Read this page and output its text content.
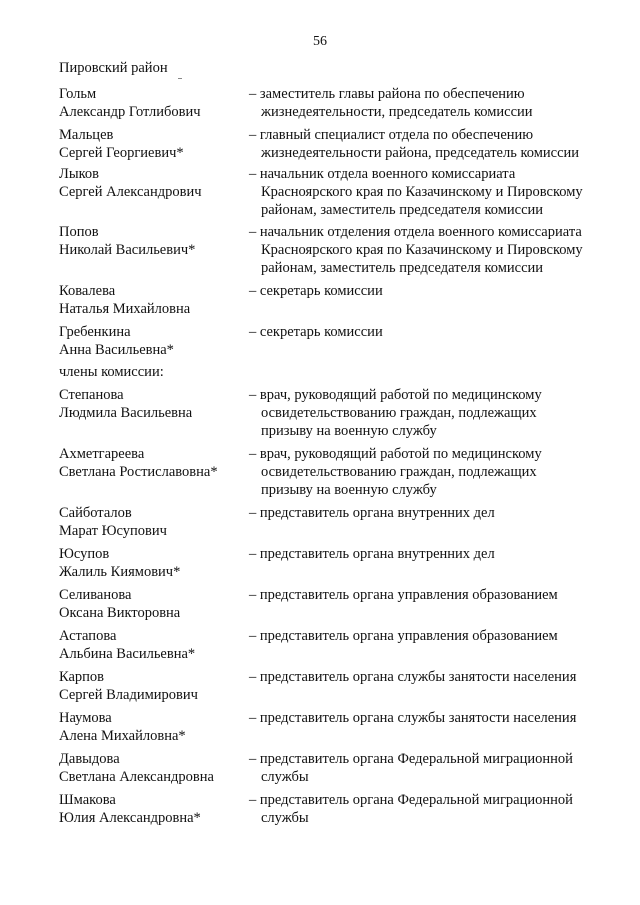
56
Пировский район
Гольм
Александр Готлибович
– заместитель главы района по обеспечению
жизнедеятельности, председатель комиссии
Мальцев
Сергей Георгиевич*
– главный специалист отдела по обеспечению
жизнедеятельности района, председатель комиссии
Лыков
Сергей Александрович
– начальник отдела военного комиссариата
Красноярского края по Казачинскому и Пировскому
районам, заместитель председателя комиссии
Попов
Николай Васильевич*
– начальник отделения отдела военного комиссариата
Красноярского края по Казачинскому и Пировскому
районам, заместитель председателя комиссии
Ковалева
Наталья Михайловна
– секретарь комиссии
Гребенкина
Анна Васильевна*
– секретарь комиссии
члены комиссии:
Степанова
Людмила Васильевна
– врач, руководящий работой по медицинскому
освидетельствованию граждан, подлежащих
призыву на военную службу
Ахметгареева
Светлана Ростиславовна*
– врач, руководящий работой по медицинскому
освидетельствованию граждан, подлежащих
призыву на военную службу
Сайботалов
Марат Юсупович
– представитель органа внутренних дел
Юсупов
Жалиль Киямович*
– представитель органа внутренних дел
Селиванова
Оксана Викторовна
– представитель органа управления образованием
Астапова
Альбина Васильевна*
– представитель органа управления образованием
Карпов
Сергей Владимирович
– представитель органа службы занятости населения
Наумова
Алена Михайловна*
– представитель органа службы занятости населения
Давыдова
Светлана Александровна
– представитель органа Федеральной миграционной
службы
Шмакова
Юлия Александровна*
– представитель органа Федеральной миграционной
службы
